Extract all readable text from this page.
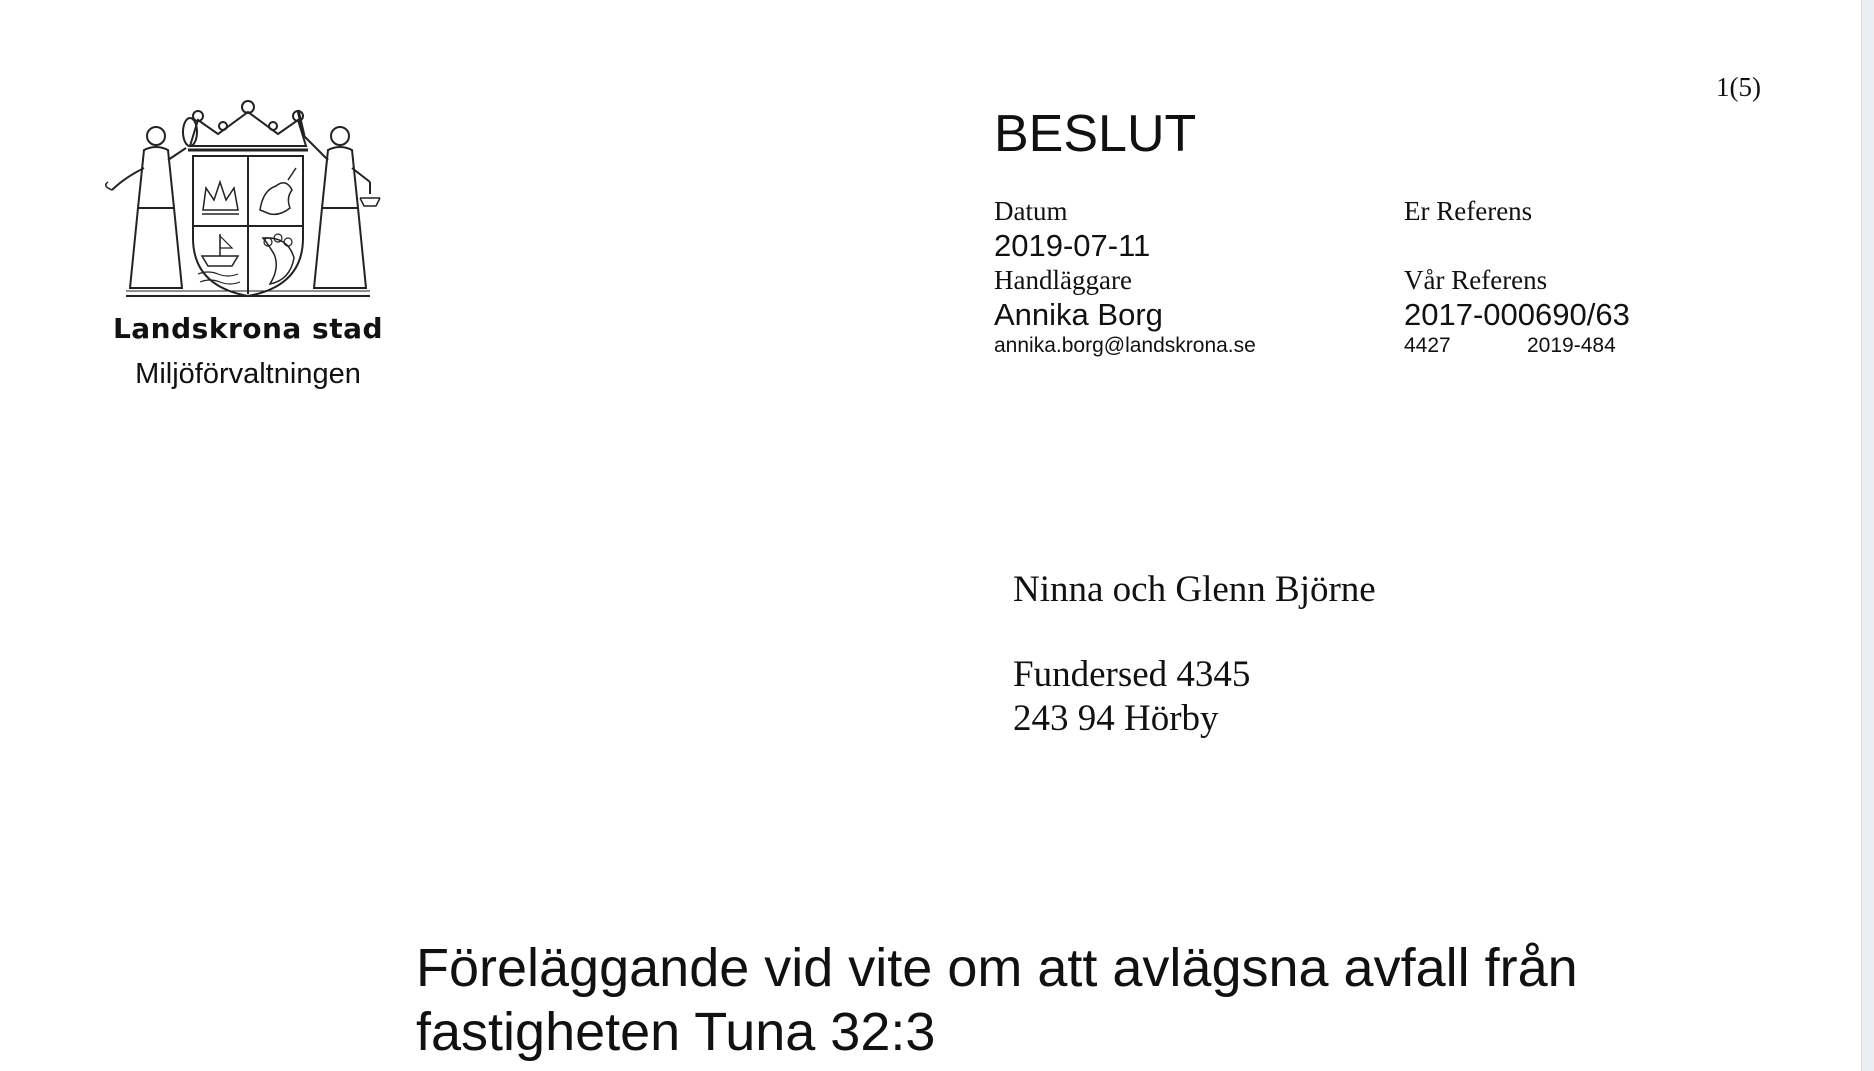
1(5)
Landskrona stad
Miljöförvaltningen
BESLUT
Datum
2019-07-11
Handläggare
Annika Borg
annika.borg@landskrona.se
Er Referens
Vår Referens
2017-000690/63
4427	2019-484
Ninna och Glenn Björne
Fundersed 4345
243 94 Hörby
Föreläggande vid vite om att avlägsna avfall från
fastigheten Tuna 32:3
